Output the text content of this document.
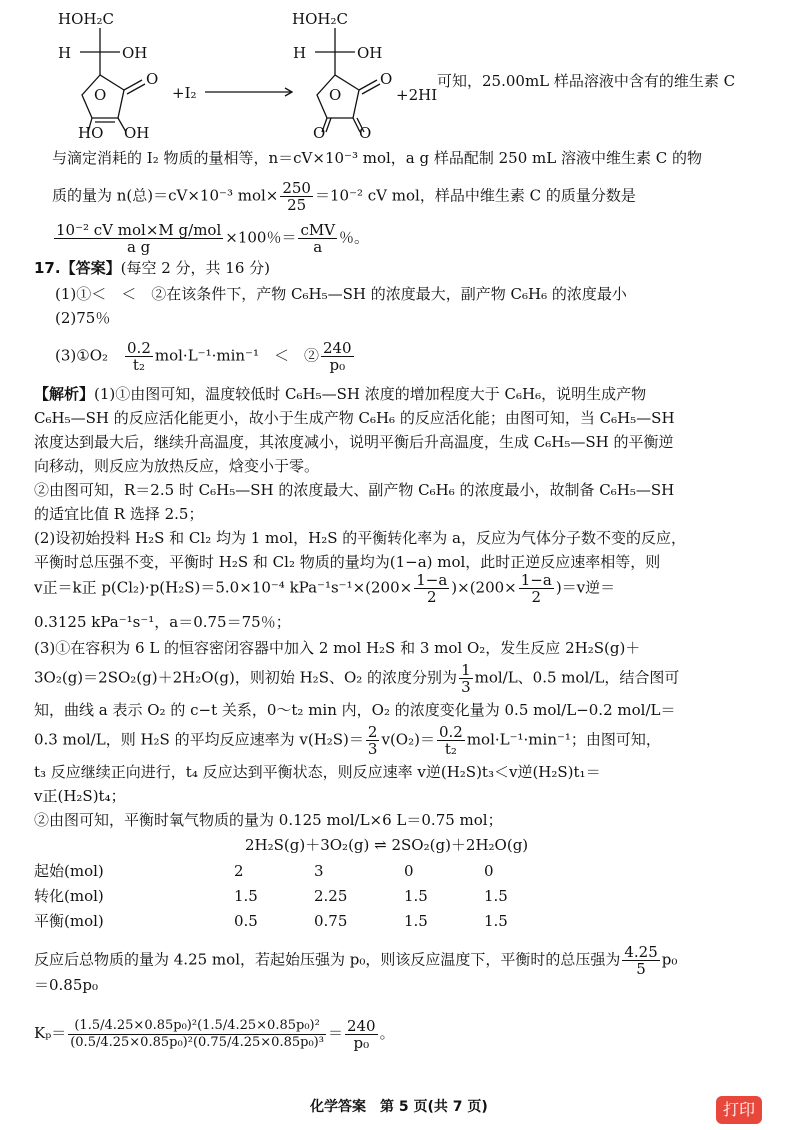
HOH₂C
H	OH
O
O
HO OH
+I₂
HOH₂C
H	OH
O
O
O O
+2HI
可知，25.00mL 样品溶液中含有的维生素 C
与滴定消耗的 I₂ 物质的量相等，n＝cV×10⁻³ mol，a g 样品配制 250 mL 溶液中维生素 C 的物
质的量为 n(总)＝cV×10⁻³ $mol\times \frac{250}{25} =10^{-2}$ cV mol，样品中维生素 C 的质量分数是
$\frac{\text{10⁻² cV mol×M g/mol}}{\text{a g}} \times 100$％＝ $\frac{\text{cMV}}{a}$ ％。
17.【答案】(每空 2 分，共 16 分)
(1)①＜　＜　②在该条件下，产物 C₆H₅—SH 的浓度最大，副产物 C₆H₆ 的浓度最小
(2)75％
(3)①O₂　 $\frac{0.2}{\text{t₂}} mol\cdot L^{-1}\cdot\min^{-1}$　＜　② $\frac{240}{\text{p₀}}$
【解析】(1)①由图可知，温度较低时 C₆H₅—SH 浓度的增加程度大于 C₆H₆，说明生成产物
C₆H₅—SH 的反应活化能更小，故小于生成产物 C₆H₆ 的反应活化能；由图可知，当 C₆H₅—SH
浓度达到最大后，继续升高温度，其浓度减小，说明平衡后升高温度，生成 C₆H₅—SH 的平衡逆
向移动，则反应为放热反应，焓变小于零。
②由图可知，R＝2.5 时 C₆H₅—SH 的浓度最大、副产物 C₆H₆ 的浓度最小，故制备 C₆H₅—SH
的适宜比值 R 选择 2.5；
(2)设初始投料 H₂S 和 Cl₂ 均为 1 mol，H₂S 的平衡转化率为 a，反应为气体分子数不变的反应，
平衡时总压强不变，平衡时 H₂S 和 Cl₂ 物质的量均为(1−a) mol，此时正逆反应速率相等，则
v正＝k正 p(Cl₂)·p(H₂S)＝5.0×10⁻⁴ $kPa^{-1}s^{-1}\times(200\times \frac{1-a}{2} )\times(200\times \frac{1-a}{2} )=v$逆＝
0.3125 kPa⁻¹s⁻¹，a＝0.75＝75％；
(3)①在容积为 6 L 的恒容密闭容器中加入 2 mol H₂S 和 3 mol O₂，发生反应 2H₂S(g)＋
3O₂(g)＝2SO₂(g)＋2H₂O(g)，则初始 H₂S、O₂ 的浓度分别为 $\frac{1}{3} mol/L$、0.5 mol/L，结合图可
知，曲线 a 表示 O₂ 的 c−t 关系，0～t₂ min 内，O₂ 的浓度变化量为 0.5 mol/L−0.2 mol/L＝
0.3 mol/L，则 H₂S 的平均反应速率为 $v(H_2S)= \frac{2}{3} v(O_2)= \frac{0.2}{\text{t₂}} mol\cdot L^{-1}\cdot\min^{-1}$；由图可知，
t₃ 反应继续正向进行，t₄ 反应达到平衡状态，则反应速率 v逆(H₂S)t₃＜v逆(H₂S)t₁＝
v正(H₂S)t₄；
②由图可知，平衡时氧气物质的量为 0.125 mol/L×6 L＝0.75 mol；
2H₂S(g)＋3O₂(g) ⇌ 2SO₂(g)＋2H₂O(g)
起始(mol)	2	3	0	0
转化(mol)	1.5	2.25	1.5	1.5
平衡(mol)	0.5	0.75	1.5	1.5
反应后总物质的量为 4.25 mol，若起始压强为 p₀，则该反应温度下，平衡时的总压强为 $\frac{4.25}{5} p_0$
＝0.85p₀
$K_p= \frac{\text{(1.5/4.25×0.85p₀)²(1.5/4.25×0.85p₀)²}}{\text{(0.5/4.25×0.85p₀)²(0.75/4.25×0.85p₀)³}} = \frac{240}{\text{p₀}}$ 。
化学答案　第 5 页(共 7 页)	打印
